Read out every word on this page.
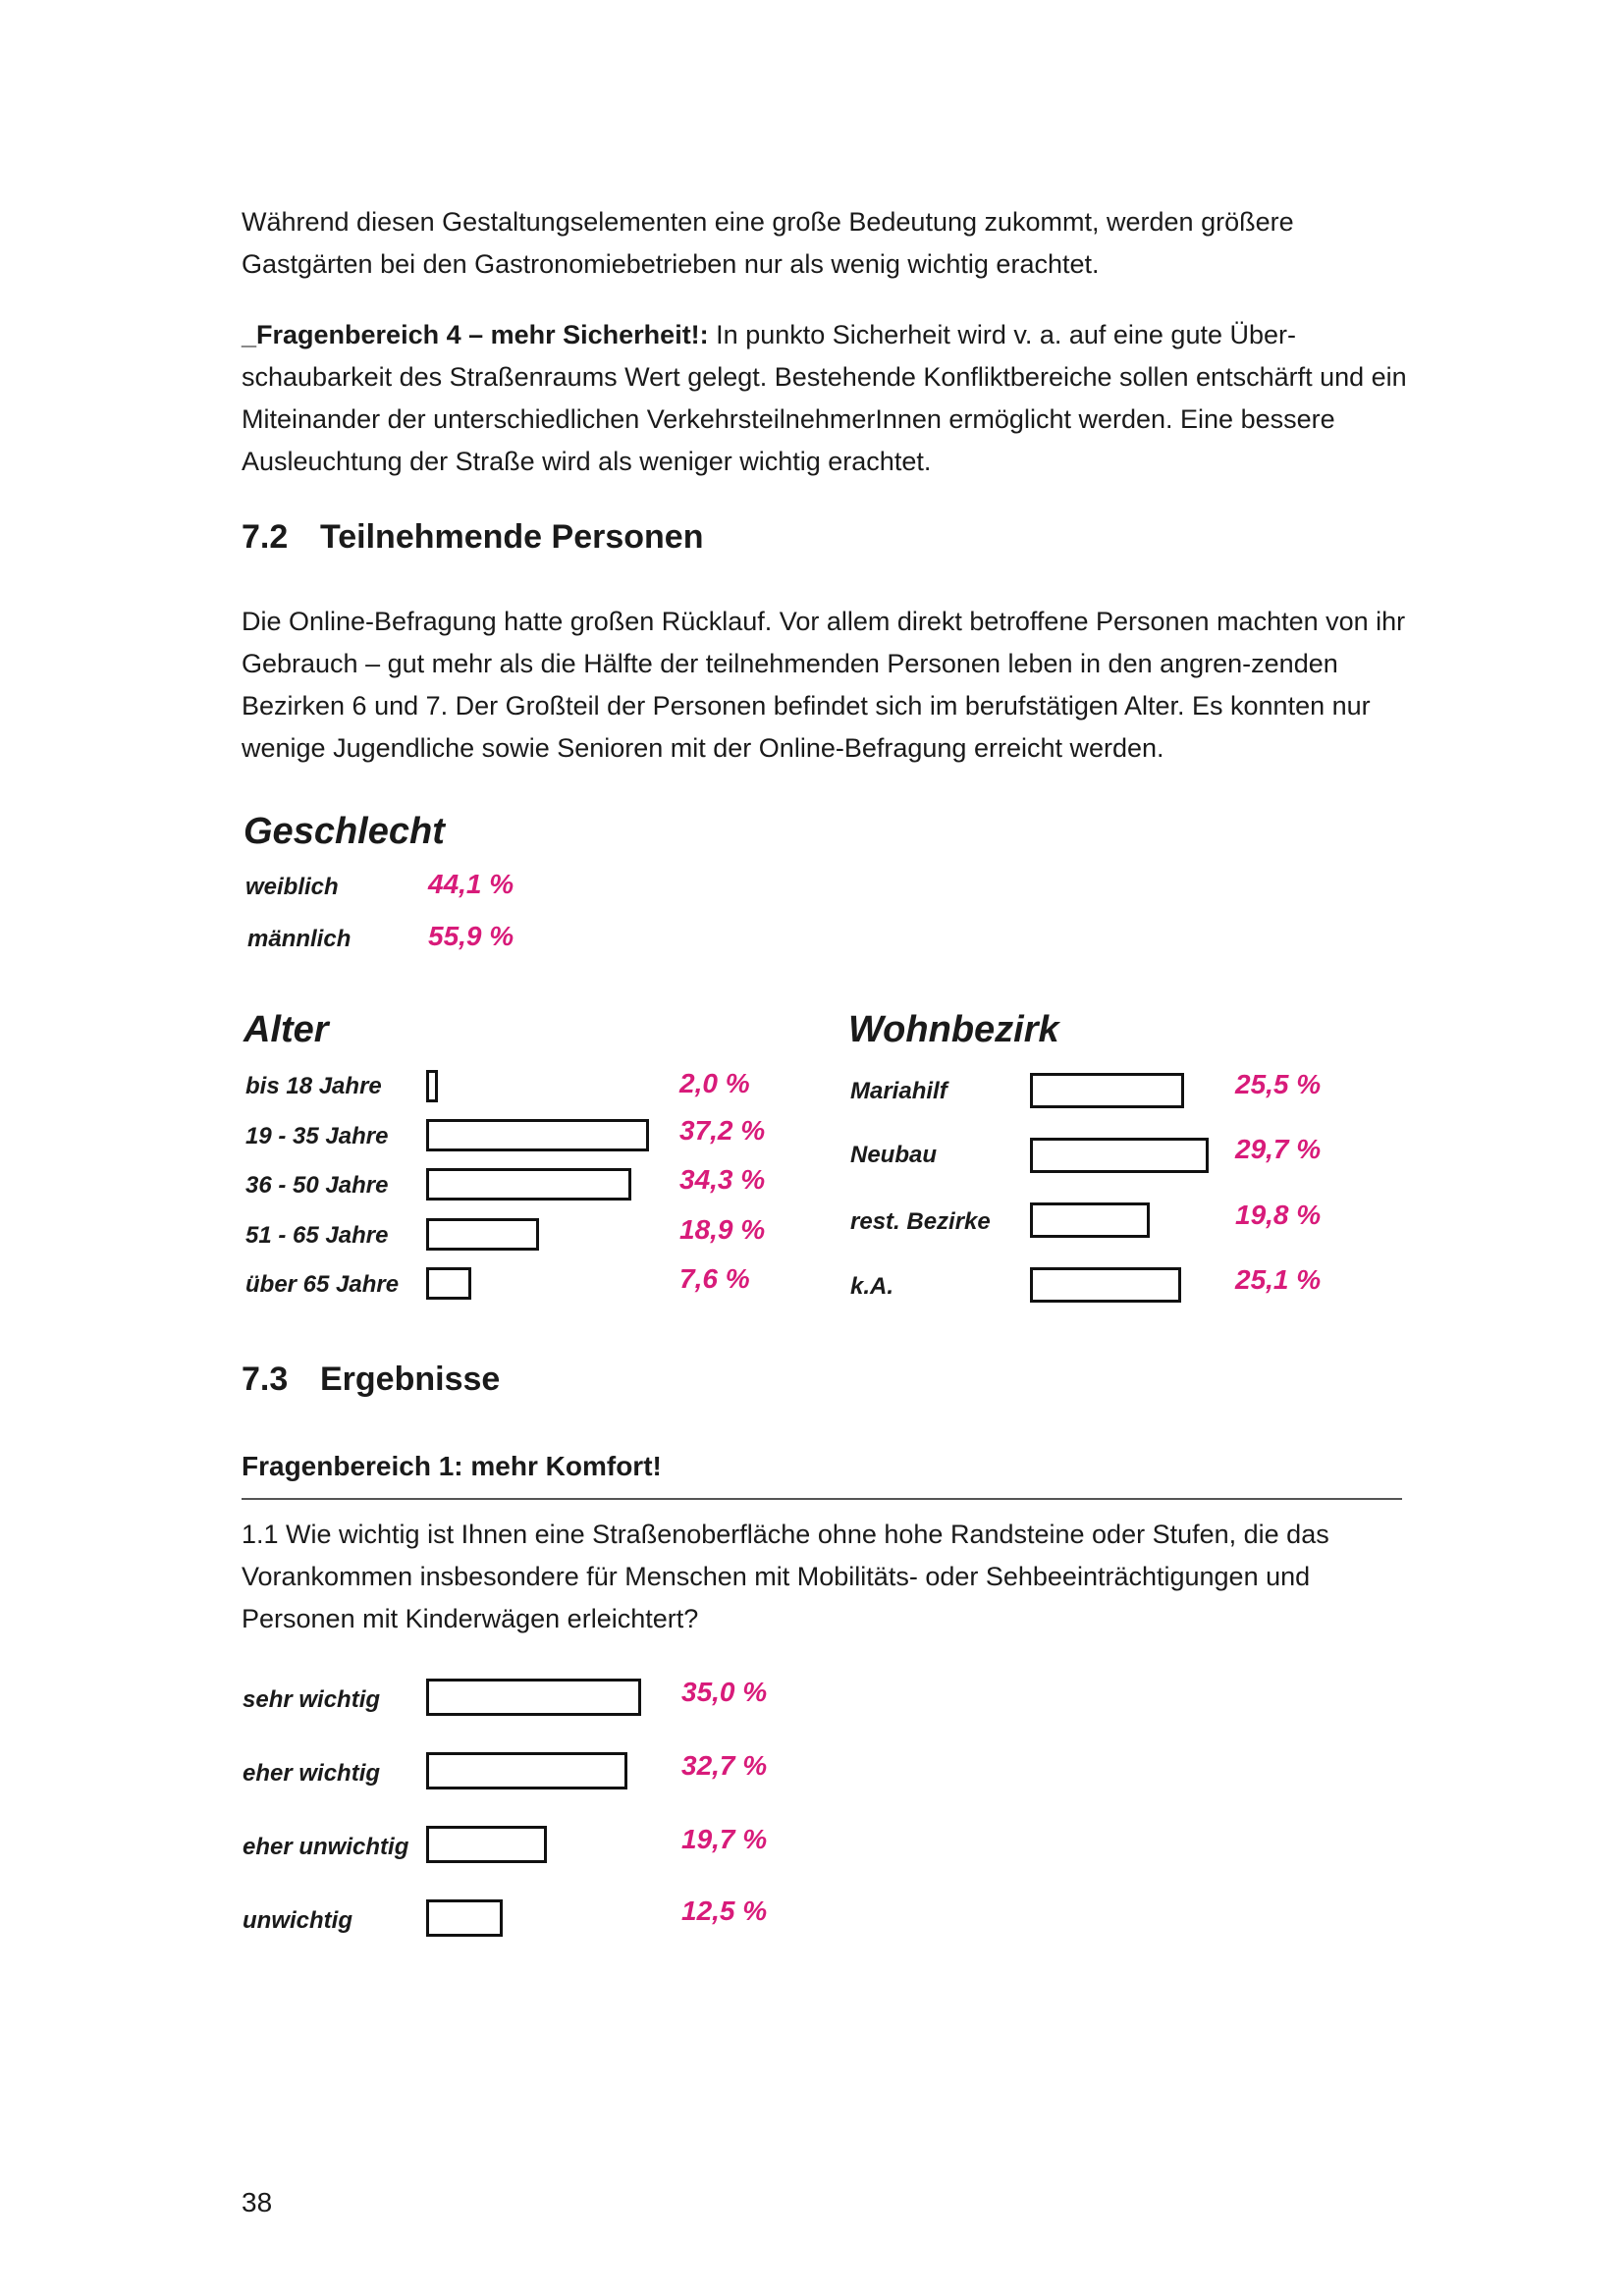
Während diesen Gestaltungselementen eine große Bedeutung zukommt, werden größere Gastgärten bei den Gastronomiebetrieben nur als wenig wichtig erachtet.

_Fragenbereich 4 – mehr Sicherheit!: In punkto Sicherheit wird v. a. auf eine gute Über-schaubarkeit des Straßenraums Wert gelegt. Bestehende Konfliktbereiche sollen entschärft und ein Miteinander der unterschiedlichen VerkehrsteilnehmerInnen ermöglicht werden. Eine bessere Ausleuchtung der Straße wird als weniger wichtig erachtet.

7.2 Teilnehmende Personen

Die Online-Befragung hatte großen Rücklauf. Vor allem direkt betroffene Personen machten von ihr Gebrauch – gut mehr als die Hälfte der teilnehmenden Personen leben in den angren-zenden Bezirken 6 und 7. Der Großteil der Personen befindet sich im berufstätigen Alter. Es konnten nur wenige Jugendliche sowie Senioren mit der Online-Befragung erreicht werden.

Geschlecht
weiblich	44,1 %
männlich	55,9 %
Alter
bis 18 Jahre	2,0 %
19 - 35 Jahre	37,2 %
36 - 50 Jahre	34,3 %
51 - 65 Jahre	18,9 %
über 65 Jahre	7,6 %
Wohnbezirk
Mariahilf	25,5 %
Neubau	29,7 %
rest. Bezirke	19,8 %
k.A.	25,1 %
7.3 Ergebnisse
Fragenbereich 1: mehr Komfort!

1.1 Wie wichtig ist Ihnen eine Straßenoberfläche ohne hohe Randsteine oder Stufen, die das Vorankommen insbesondere für Menschen mit Mobilitäts- oder Sehbeeinträchtigungen und Personen mit Kinderwägen erleichtert?

sehr wichtig	35,0 %
eher wichtig	32,7 %
eher unwichtig	19,7 %
unwichtig	12,5 %
38
